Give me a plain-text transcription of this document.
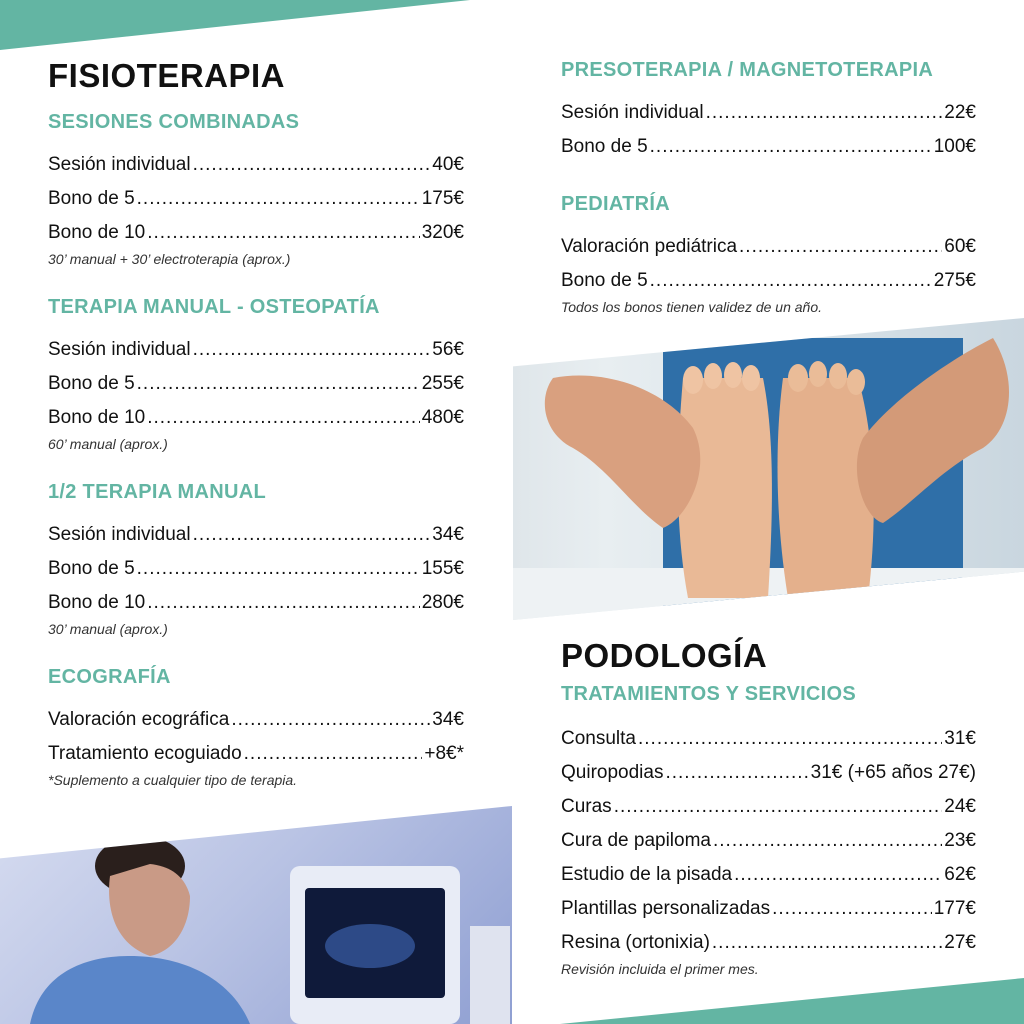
FISIOTERAPIA
SESIONES COMBINADAS
Sesión individual .....	40€
Bono de 5 .....	175€
Bono de 10 .....	320€
30’ manual + 30’ electroterapia (aprox.)
TERAPIA MANUAL - OSTEOPATÍA
Sesión individual .....	56€
Bono de 5 .....	255€
Bono de 10 .....	480€
60’ manual (aprox.)
1/2 TERAPIA MANUAL
Sesión individual .....	34€
Bono de 5 .....	155€
Bono de 10 .....	280€
30’ manual (aprox.)
ECOGRAFÍA
Valoración ecográfica .....	34€
Tratamiento ecoguiado .....	+8€*
*Suplemento a cualquier tipo de terapia.
PRESOTERAPIA / MAGNETOTERAPIA
Sesión individual .....	22€
Bono de 5 .....	100€
PEDIATRÍA
Valoración pediátrica .....	60€
Bono de 5 .....	275€
Todos los bonos tienen validez de un año.
PODOLOGÍA
TRATAMIENTOS Y SERVICIOS
Consulta .....	31€
Quiropodias .....	31€ (+65 años 27€)
Curas .....	24€
Cura de papiloma .....	23€
Estudio de la pisada .....	62€
Plantillas personalizadas .....	177€
Resina (ortonixia) .....	27€
Revisión incluida el primer mes.
